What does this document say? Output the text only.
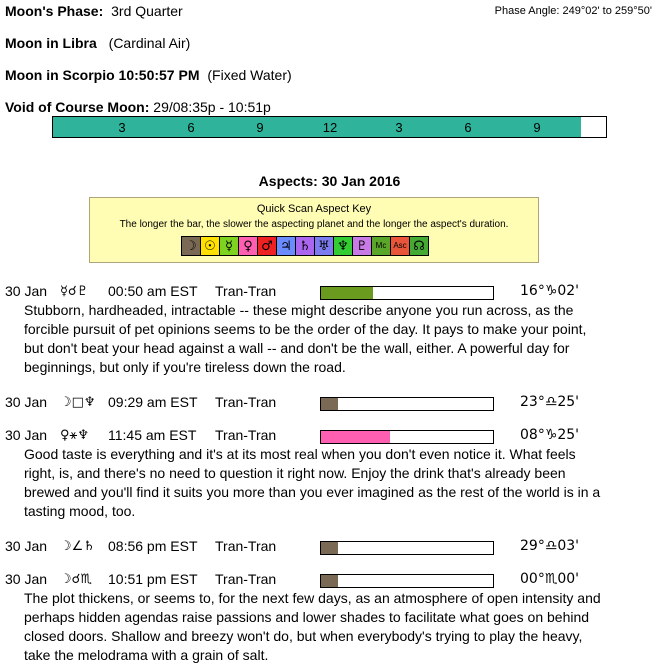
Moon's Phase: 3rd Quarter	Phase Angle: 249°02' to 259°50'
Moon in Libra (Cardinal Air)
Moon in Scorpio 10:50:57 PM (Fixed Water)
Void of Course Moon: 29/08:35p - 10:51p
3	6	9	12	3	6	9
Aspects: 30 Jan 2016
Quick Scan Aspect Key
The longer the bar, the slower the aspecting planet and the longer the aspect's duration.
☽ ☉ ☿ ♀ ♂ ♃ ♄ ♅ ♆ ♇ Mc Asc ☊
30 Jan ☿☌♇ 00:50 am EST Tran-Tran	16°♑02'
Stubborn, hardheaded, intractable -- these might describe anyone you run across, as the
forcible pursuit of pet opinions seems to be the order of the day. It pays to make your point,
but don't beat your head against a wall -- and don't be the wall, either. A powerful day for
beginnings, but only if you're tireless down the road.
30 Jan ☽□♆ 09:29 am EST Tran-Tran	23°♎25'
30 Jan ♀⚹♆ 11:45 am EST Tran-Tran	08°♑25'
Good taste is everything and it's at its most real when you don't even notice it. What feels
right, is, and there's no need to question it right now. Enjoy the drink that's already been
brewed and you'll find it suits you more than you ever imagined as the rest of the world is in a
tasting mood, too.
30 Jan ☽∠♄ 08:56 pm EST Tran-Tran	29°♎03'
30 Jan ☽☌♏ 10:51 pm EST Tran-Tran	00°♏00'
The plot thickens, or seems to, for the next few days, as an atmosphere of open intensity and
perhaps hidden agendas raise passions and lower shades to facilitate what goes on behind
closed doors. Shallow and breezy won't do, but when everybody's trying to play the heavy,
take the melodrama with a grain of salt.
